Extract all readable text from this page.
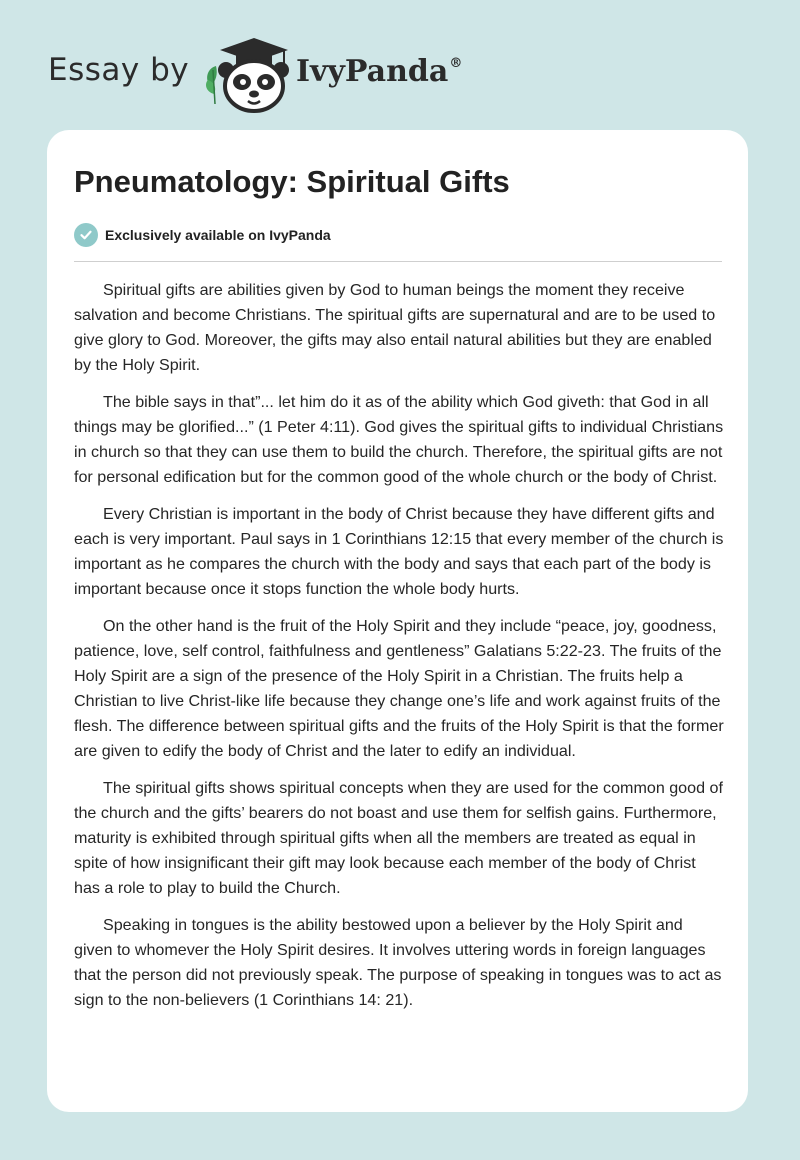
Essay by	IvyPanda®
Pneumatology: Spiritual Gifts
Exclusively available on IvyPanda

Spiritual gifts are abilities given by God to human beings the moment they receive salvation and become Christians. The spiritual gifts are supernatural and are to be used to give glory to God. Moreover, the gifts may also entail natural abilities but they are enabled by the Holy Spirit.

The bible says in that”... let him do it as of the ability which God giveth: that God in all things may be glorified...” (1 Peter 4:11). God gives the spiritual gifts to individual Christians in church so that they can use them to build the church. Therefore, the spiritual gifts are not for personal edification but for the common good of the whole church or the body of Christ.

Every Christian is important in the body of Christ because they have different gifts and each is very important. Paul says in 1 Corinthians 12:15 that every member of the church is important as he compares the church with the body and says that each part of the body is important because once it stops function the whole body hurts.

On the other hand is the fruit of the Holy Spirit and they include “peace, joy, goodness, patience, love, self control, faithfulness and gentleness” Galatians 5:22-23. The fruits of the Holy Spirit are a sign of the presence of the Holy Spirit in a Christian. The fruits help a Christian to live Christ-like life because they change one’s life and work against fruits of the flesh. The difference between spiritual gifts and the fruits of the Holy Spirit is that the former are given to edify the body of Christ and the later to edify an individual.

The spiritual gifts shows spiritual concepts when they are used for the common good of the church and the gifts’ bearers do not boast and use them for selfish gains. Furthermore, maturity is exhibited through spiritual gifts when all the members are treated as equal in spite of how insignificant their gift may look because each member of the body of Christ has a role to play to build the Church.

Speaking in tongues is the ability bestowed upon a believer by the Holy Spirit and given to whomever the Holy Spirit desires. It involves uttering words in foreign languages that the person did not previously speak. The purpose of speaking in tongues was to act as sign to the non-believers (1 Corinthians 14: 21).
